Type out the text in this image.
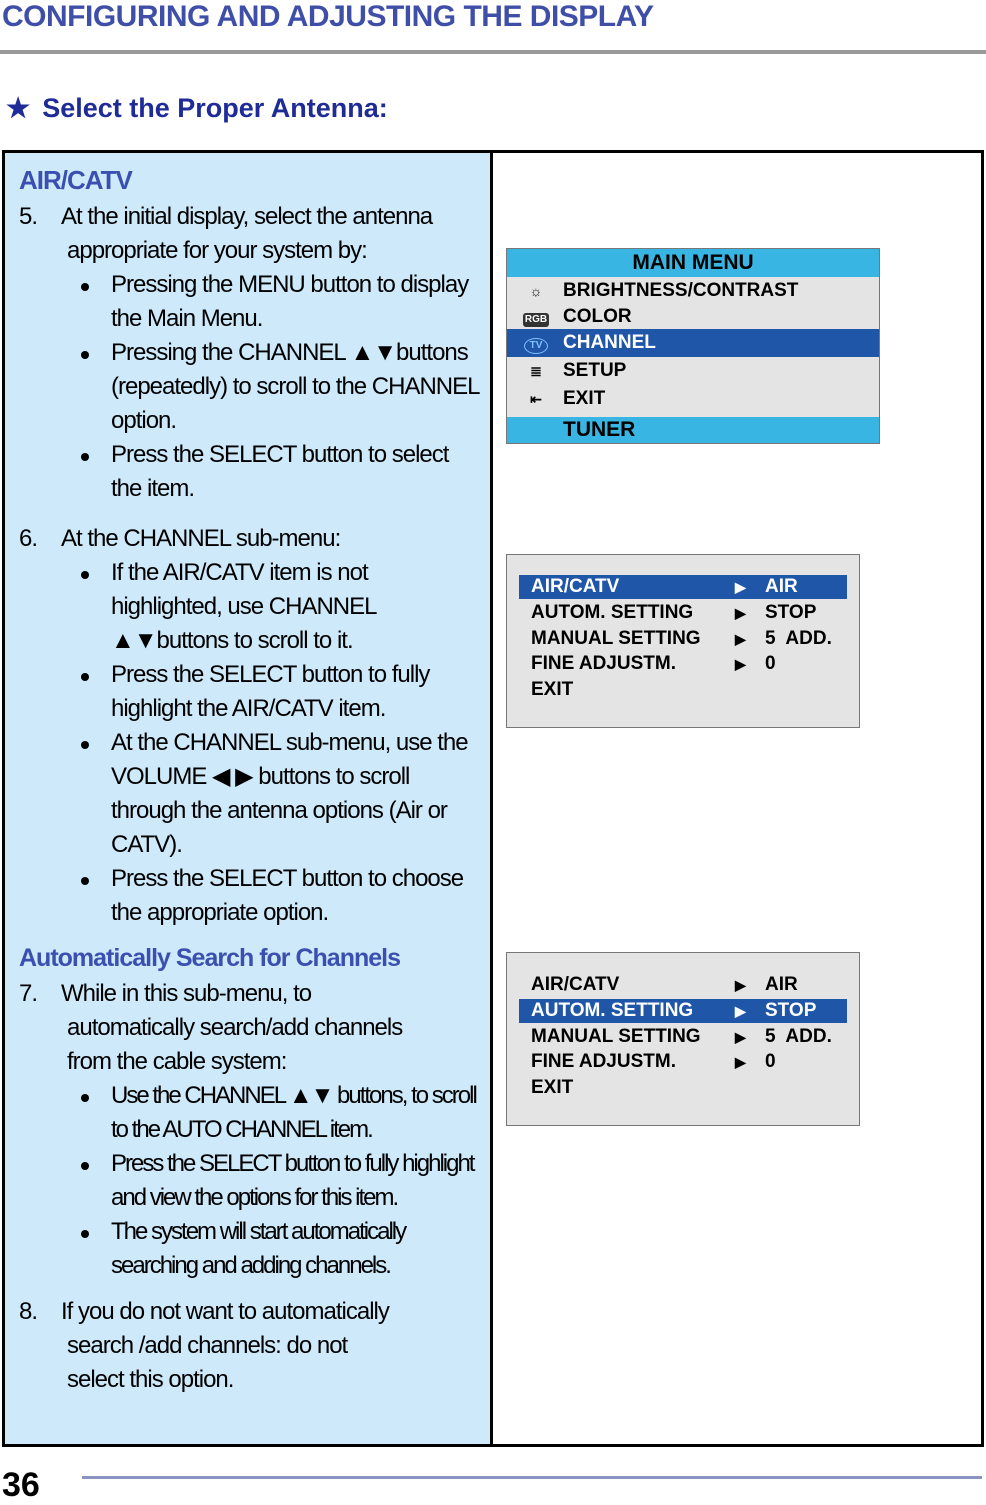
CONFIGURING AND ADJUSTING THE DISPLAY
★ Select the Proper Antenna:
AIR/CATV
5. At the initial display, select the antenna
appropriate for your system by:
Pressing the MENU button to display the Main Menu.
Pressing the CHANNEL ▲▼buttons (repeatedly) to scroll to the CHANNEL option.
Press the SELECT button to select the item.
6. At the CHANNEL sub-menu:
If the AIR/CATV item is not highlighted, use CHANNEL ▲▼buttons to scroll to it.
Press the SELECT button to fully highlight the AIR/CATV item.
At the CHANNEL sub-menu, use the VOLUME ◀ ▶ buttons to scroll through the antenna options (Air or CATV).
Press the SELECT button to choose the appropriate option.
Automatically Search for Channels
7. While in this sub-menu, to
automatically search/add channels
from the cable system:
Use the CHANNEL ▲▼ buttons, to scroll to the AUTO CHANNEL item.
Press the SELECT button to fully highlight and view the options for this item.
The system will start automatically searching and adding channels.
8. If you do not want to automatically
search /add channels: do not
select this option.
MAIN MENU
☼	BRIGHTNESS/CONTRAST
RGB COLOR
TV	CHANNEL
≣	SETUP
⇤	EXIT
TUNER
AIR/CATV	▶ AIR
AUTOM. SETTING	▶ STOP
MANUAL SETTING ▶ 5  ADD.
FINE ADJUSTM.	▶ 0
EXIT
AIR/CATV	▶ AIR
AUTOM. SETTING	▶ STOP
MANUAL SETTING ▶ 5  ADD.
FINE ADJUSTM.	▶ 0
EXIT

36
